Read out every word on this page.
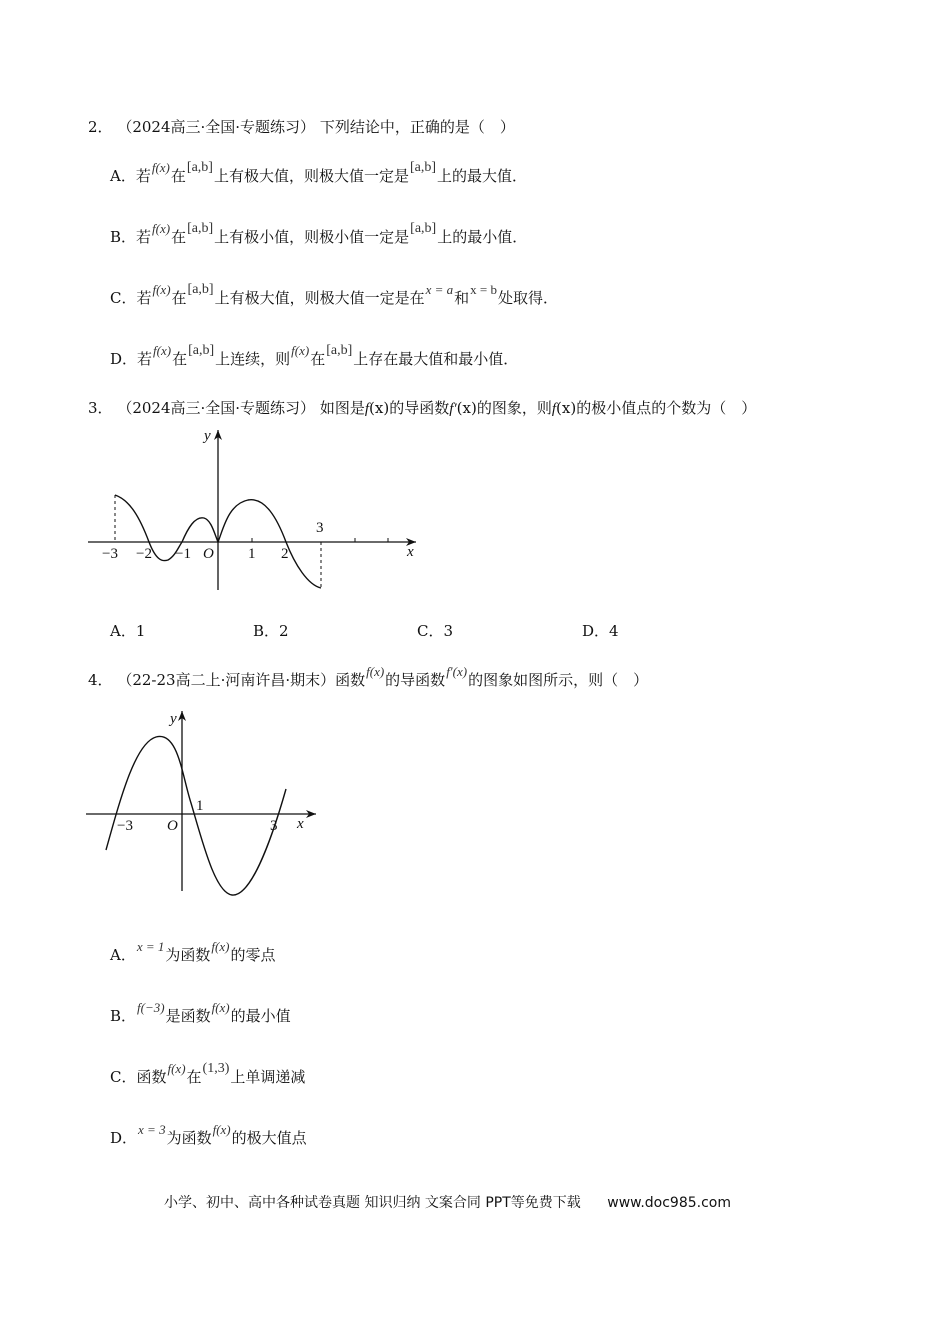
2． （2024高三·全国·专题练习） 下列结论中，正确的是（　）
A．若f(x)在[a,b]上有极大值，则极大值一定是[a,b]上的最大值．
B．若f(x)在[a,b]上有极小值，则极小值一定是[a,b]上的最小值．
C．若f(x)在[a,b]上有极大值，则极大值一定是在x = a和x = b处取得．
D．若f(x)在[a,b]上连续，则f(x)在[a,b]上存在最大值和最小值．
3． （2024高三·全国·专题练习） 如图是f(x)的导函数f′(x)的图象，则f(x)的极小值点的个数为（　）
y
x
O
−3 −2 −1	1 2
3
A．1	B．2	C．3	D．4
4． （22-23高二上·河南许昌·期末）函数f(x)的导函数f′(x)的图象如图所示，则（　）
y
x
O
−3
1
3
A．x = 1为函数f(x)的零点
B．f(−3)是函数f(x)的最小值
C．函数f(x)在(1,3)上单调递减
D．x = 3为函数f(x)的极大值点
小学、初中、高中各种试卷真题 知识归纳 文案合同 PPT等免费下载 www.doc985.com
